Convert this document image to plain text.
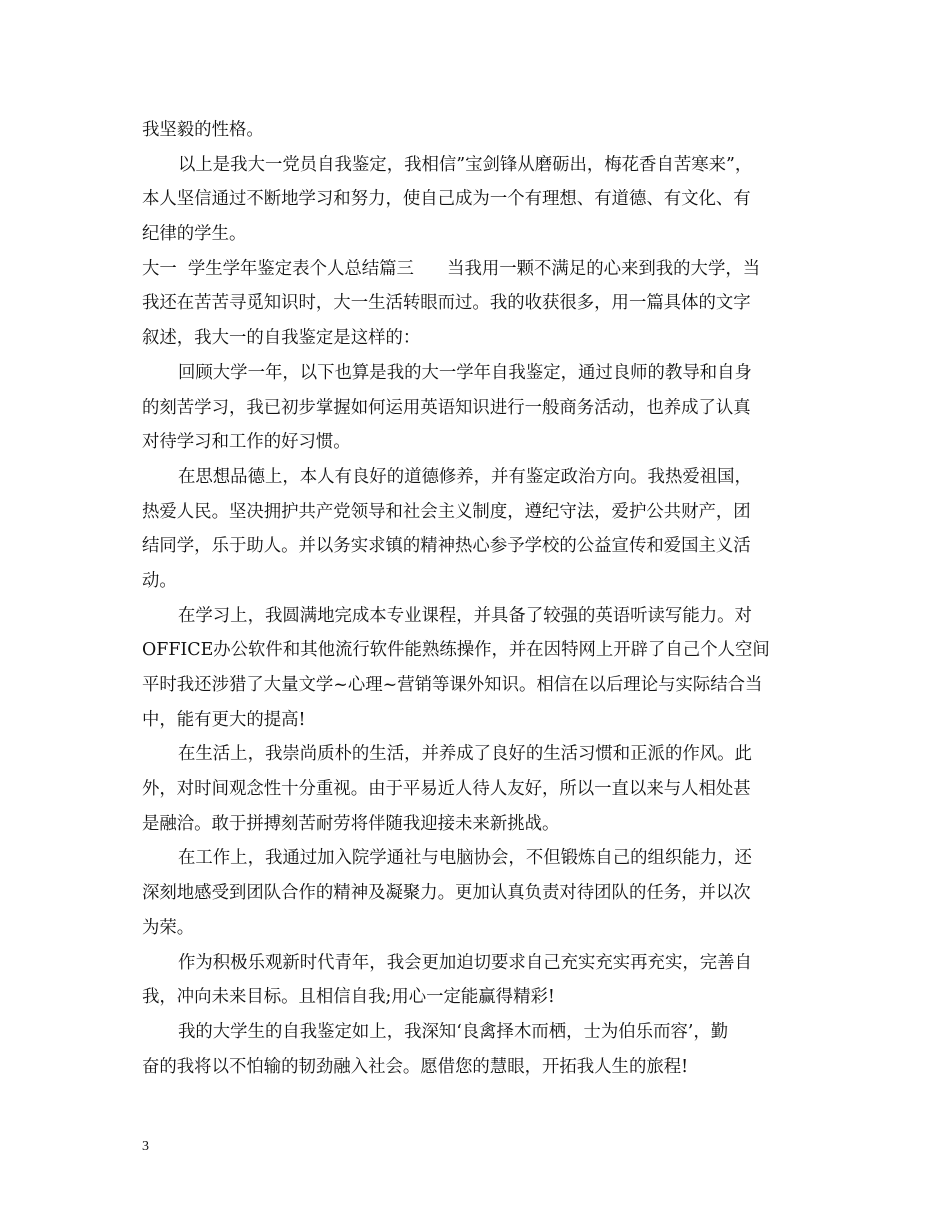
我坚毅的性格。
以上是我大一党员自我鉴定，我相信”宝剑锋从磨砺出，梅花香自苦寒来”，
本人坚信通过不断地学习和努力，使自己成为一个有理想、有道德、有文化、有
纪律的学生。
大一  学生学年鉴定表个人总结篇三      当我用一颗不满足的心来到我的大学，当
我还在苦苦寻觅知识时，大一生活转眼而过。我的收获很多，用一篇具体的文字
叙述，我大一的自我鉴定是这样的：
回顾大学一年，以下也算是我的大一学年自我鉴定，通过良师的教导和自身
的刻苦学习，我已初步掌握如何运用英语知识进行一般商务活动，也养成了认真
对待学习和工作的好习惯。
在思想品德上，本人有良好的道德修养，并有鉴定政治方向。我热爱祖国，
热爱人民。坚决拥护共产党领导和社会主义制度，遵纪守法，爱护公共财产，团
结同学，乐于助人。并以务实求镇的精神热心参予学校的公益宣传和爱国主义活
动。
在学习上，我圆满地完成本专业课程，并具备了较强的英语听读写能力。对
OFFICE办公软件和其他流行软件能熟练操作，并在因特网上开辟了自己个人空间
平时我还涉猎了大量文学~心理~营销等课外知识。相信在以后理论与实际结合当
中，能有更大的提高!
在生活上，我崇尚质朴的生活，并养成了良好的生活习惯和正派的作风。此
外，对时间观念性十分重视。由于平易近人待人友好，所以一直以来与人相处甚
是融洽。敢于拼搏刻苦耐劳将伴随我迎接未来新挑战。
在工作上，我通过加入院学通社与电脑协会，不但锻炼自己的组织能力，还
深刻地感受到团队合作的精神及凝聚力。更加认真负责对待团队的任务，并以次
为荣。
作为积极乐观新时代青年，我会更加迫切要求自己充实充实再充实，完善自
我，冲向未来目标。且相信自我;用心一定能赢得精彩!
我的大学生的自我鉴定如上，我深知‘良禽择木而栖，士为伯乐而容’，勤
奋的我将以不怕输的韧劲融入社会。愿借您的慧眼，开拓我人生的旅程!
3
